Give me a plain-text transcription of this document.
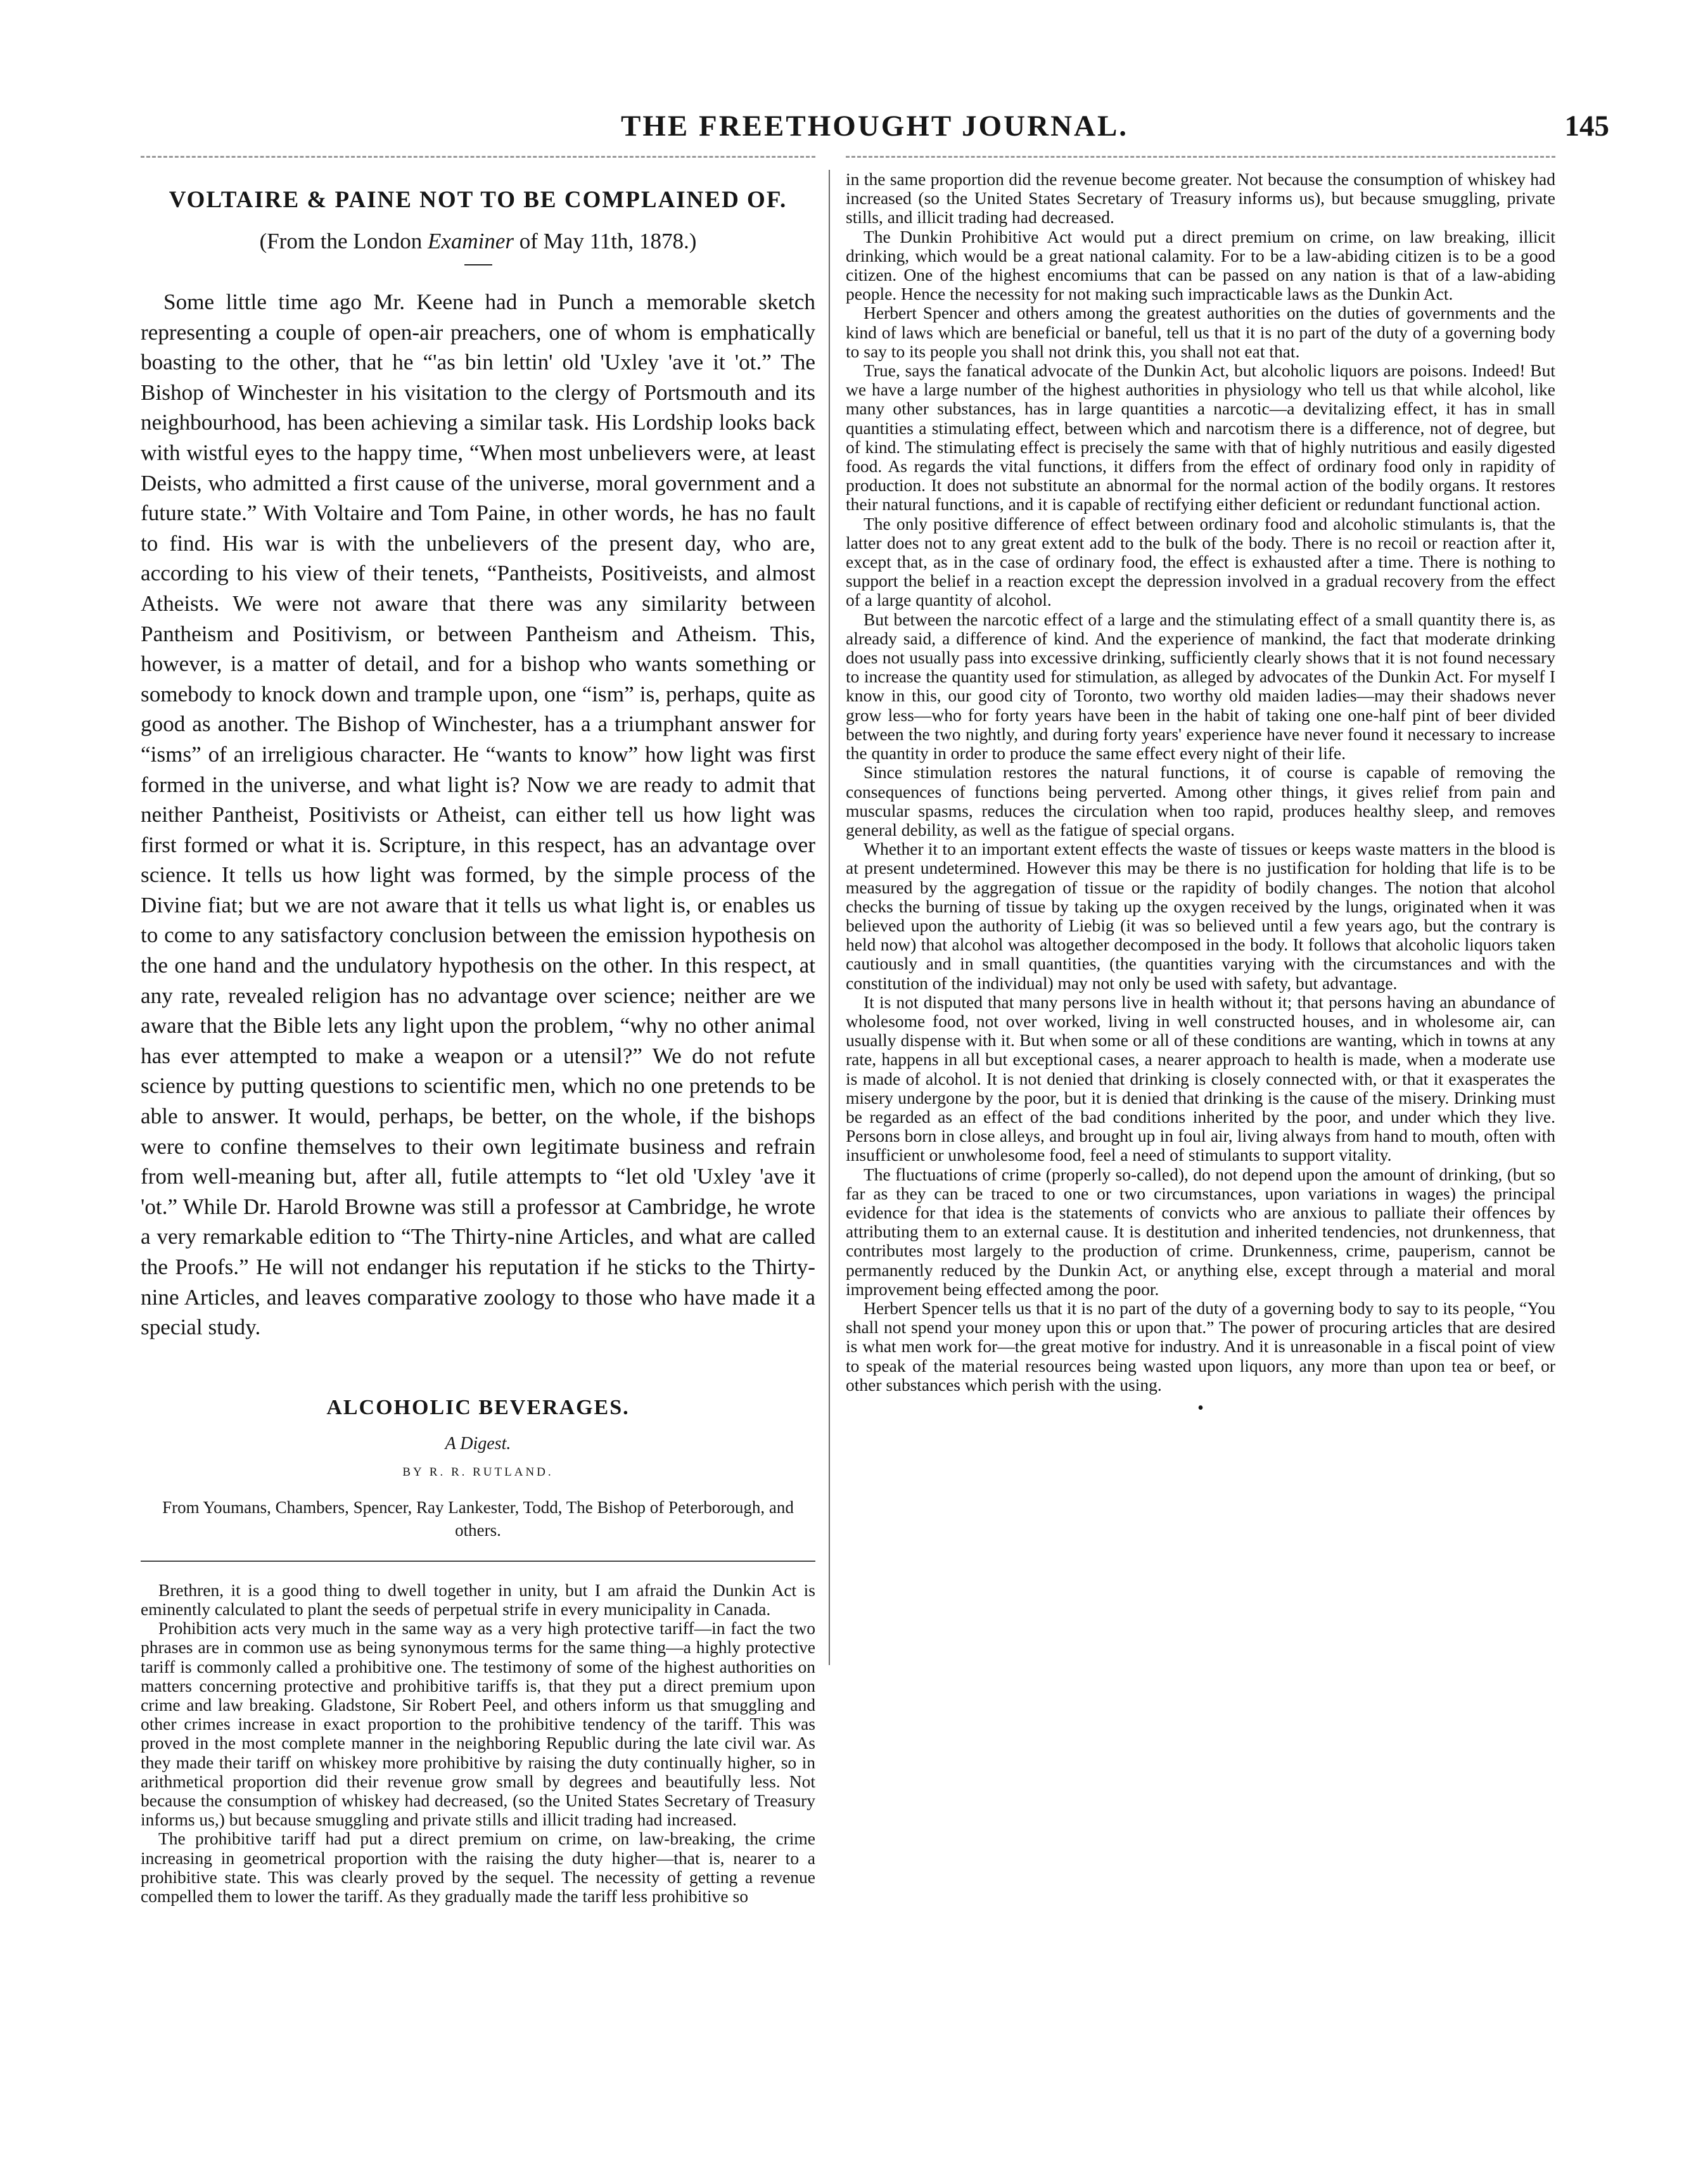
THE FREETHOUGHT JOURNAL.	145
VOLTAIRE & PAINE NOT TO BE COMPLAINED OF.
(From the London Examiner of May 11th, 1878.)

Some little time ago Mr. Keene had in Punch a memorable sketch representing a couple of open-air preachers, one of whom is emphatically boasting to the other, that he “'as bin lettin' old 'Uxley 'ave it 'ot.” The Bishop of Winchester in his visitation to the clergy of Portsmouth and its neighbourhood, has been achieving a similar task. His Lordship looks back with wistful eyes to the happy time, “When most unbelievers were, at least Deists, who admitted a first cause of the universe, moral government and a future state.” With Voltaire and Tom Paine, in other words, he has no fault to find. His war is with the unbelievers of the present day, who are, according to his view of their tenets, “Pantheists, Positiveists, and almost Atheists. We were not aware that there was any similarity between Pantheism and Positivism, or between Pantheism and Atheism. This, however, is a matter of detail, and for a bishop who wants something or somebody to knock down and trample upon, one “ism” is, perhaps, quite as good as another. The Bishop of Winchester, has a a triumphant answer for “isms” of an irreligious character. He “wants to know” how light was first formed in the universe, and what light is? Now we are ready to admit that neither Pantheist, Positivists or Atheist, can either tell us how light was first formed or what it is. Scripture, in this respect, has an advantage over science. It tells us how light was formed, by the simple process of the Divine fiat; but we are not aware that it tells us what light is, or enables us to come to any satisfactory conclusion between the emission hypothesis on the one hand and the undulatory hypothesis on the other. In this respect, at any rate, revealed religion has no advantage over science; neither are we aware that the Bible lets any light upon the problem, “why no other animal has ever attempted to make a weapon or a utensil?” We do not refute science by putting questions to scientific men, which no one pretends to be able to answer. It would, perhaps, be better, on the whole, if the bishops were to confine themselves to their own legitimate business and refrain from well-meaning but, after all, futile attempts to “let old 'Uxley 'ave it 'ot.” While Dr. Harold Browne was still a professor at Cambridge, he wrote a very remarkable edition to “The Thirty-nine Articles, and what are called the Proofs.” He will not endanger his reputation if he sticks to the Thirty-nine Articles, and leaves comparative zoology to those who have made it a special study.

ALCOHOLIC BEVERAGES.
A Digest.
BY R. R. RUTLAND.
From Youmans, Chambers, Spencer, Ray Lankester, Todd, The Bishop of Peterborough, and others.

Brethren, it is a good thing to dwell together in unity, but I am afraid the Dunkin Act is eminently calculated to plant the seeds of perpetual strife in every municipality in Canada.

Prohibition acts very much in the same way as a very high protective tariff—in fact the two phrases are in common use as being synonymous terms for the same thing—a highly protective tariff is commonly called a prohibitive one. The testimony of some of the highest authorities on matters concerning protective and prohibitive tariffs is, that they put a direct premium upon crime and law breaking. Gladstone, Sir Robert Peel, and others inform us that smuggling and other crimes increase in exact proportion to the prohibitive tendency of the tariff. This was proved in the most complete manner in the neighboring Republic during the late civil war. As they made their tariff on whiskey more prohibitive by raising the duty continually higher, so in arithmetical proportion did their revenue grow small by degrees and beautifully less. Not because the consumption of whiskey had decreased, (so the United States Secretary of Treasury informs us,) but because smuggling and private stills and illicit trading had increased.

The prohibitive tariff had put a direct premium on crime, on law-breaking, the crime increasing in geometrical proportion with the raising the duty higher—that is, nearer to a prohibitive state. This was clearly proved by the sequel. The necessity of getting a revenue compelled them to lower the tariff. As they gradually made the tariff less prohibitive so

in the same proportion did the revenue become greater. Not because the consumption of whiskey had increased (so the United States Secretary of Treasury informs us), but because smuggling, private stills, and illicit trading had decreased.

The Dunkin Prohibitive Act would put a direct premium on crime, on law breaking, illicit drinking, which would be a great national calamity. For to be a law-abiding citizen is to be a good citizen. One of the highest encomiums that can be passed on any nation is that of a law-abiding people. Hence the necessity for not making such impracticable laws as the Dunkin Act.

Herbert Spencer and others among the greatest authorities on the duties of governments and the kind of laws which are beneficial or baneful, tell us that it is no part of the duty of a governing body to say to its people you shall not drink this, you shall not eat that.

True, says the fanatical advocate of the Dunkin Act, but alcoholic liquors are poisons. Indeed! But we have a large number of the highest authorities in physiology who tell us that while alcohol, like many other substances, has in large quantities a narcotic—a devitalizing effect, it has in small quantities a stimulating effect, between which and narcotism there is a difference, not of degree, but of kind. The stimulating effect is precisely the same with that of highly nutritious and easily digested food. As regards the vital functions, it differs from the effect of ordinary food only in rapidity of production. It does not substitute an abnormal for the normal action of the bodily organs. It restores their natural functions, and it is capable of rectifying either deficient or redundant functional action.

The only positive difference of effect between ordinary food and alcoholic stimulants is, that the latter does not to any great extent add to the bulk of the body. There is no recoil or reaction after it, except that, as in the case of ordinary food, the effect is exhausted after a time. There is nothing to support the belief in a reaction except the depression involved in a gradual recovery from the effect of a large quantity of alcohol.

But between the narcotic effect of a large and the stimulating effect of a small quantity there is, as already said, a difference of kind. And the experience of mankind, the fact that moderate drinking does not usually pass into excessive drinking, sufficiently clearly shows that it is not found necessary to increase the quantity used for stimulation, as alleged by advocates of the Dunkin Act. For myself I know in this, our good city of Toronto, two worthy old maiden ladies—may their shadows never grow less—who for forty years have been in the habit of taking one one-half pint of beer divided between the two nightly, and during forty years' experience have never found it necessary to increase the quantity in order to produce the same effect every night of their life.

Since stimulation restores the natural functions, it of course is capable of removing the consequences of functions being perverted. Among other things, it gives relief from pain and muscular spasms, reduces the circulation when too rapid, produces healthy sleep, and removes general debility, as well as the fatigue of special organs.

Whether it to an important extent effects the waste of tissues or keeps waste matters in the blood is at present undetermined. However this may be there is no justification for holding that life is to be measured by the aggregation of tissue or the rapidity of bodily changes. The notion that alcohol checks the burning of tissue by taking up the oxygen received by the lungs, originated when it was believed upon the authority of Liebig (it was so believed until a few years ago, but the contrary is held now) that alcohol was altogether decomposed in the body. It follows that alcoholic liquors taken cautiously and in small quantities, (the quantities varying with the circumstances and with the constitution of the individual) may not only be used with safety, but advantage.

It is not disputed that many persons live in health without it; that persons having an abundance of wholesome food, not over worked, living in well constructed houses, and in wholesome air, can usually dispense with it. But when some or all of these conditions are wanting, which in towns at any rate, happens in all but exceptional cases, a nearer approach to health is made, when a moderate use is made of alcohol. It is not denied that drinking is closely connected with, or that it exasperates the misery undergone by the poor, but it is denied that drinking is the cause of the misery. Drinking must be regarded as an effect of the bad conditions inherited by the poor, and under which they live. Persons born in close alleys, and brought up in foul air, living always from hand to mouth, often with insufficient or unwholesome food, feel a need of stimulants to support vitality.

The fluctuations of crime (properly so-called), do not depend upon the amount of drinking, (but so far as they can be traced to one or two circumstances, upon variations in wages) the principal evidence for that idea is the statements of convicts who are anxious to palliate their offences by attributing them to an external cause. It is destitution and inherited tendencies, not drunkenness, that contributes most largely to the production of crime. Drunkenness, crime, pauperism, cannot be permanently reduced by the Dunkin Act, or anything else, except through a material and moral improvement being effected among the poor.

Herbert Spencer tells us that it is no part of the duty of a governing body to say to its people, “You shall not spend your money upon this or upon that.” The power of procuring articles that are desired is what men work for—the great motive for industry. And it is unreasonable in a fiscal point of view to speak of the material resources being wasted upon liquors, any more than upon tea or beef, or other substances which perish with the using.

•
